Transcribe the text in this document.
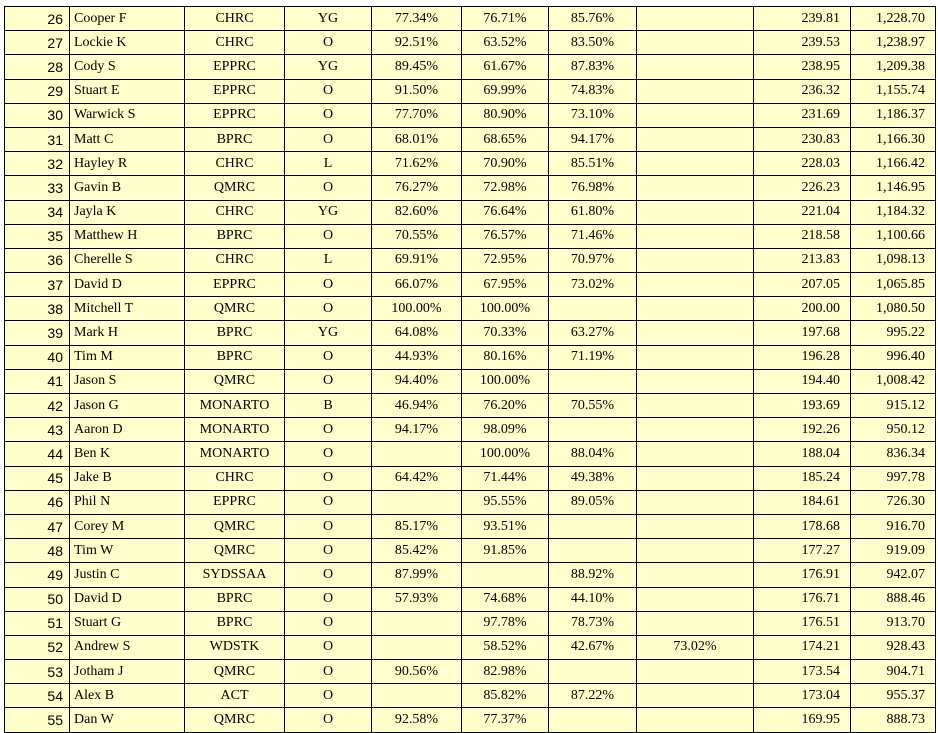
26	Cooper F	CHRC	YG	77.34%	76.71%	85.76%		239.81	1,228.70
27	Lockie K	CHRC	O	92.51%	63.52%	83.50%		239.53	1,238.97
28	Cody S	EPPRC	YG	89.45%	61.67%	87.83%		238.95	1,209.38
29	Stuart E	EPPRC	O	91.50%	69.99%	74.83%		236.32	1,155.74
30	Warwick S	EPPRC	O	77.70%	80.90%	73.10%		231.69	1,186.37
31	Matt C	BPRC	O	68.01%	68.65%	94.17%		230.83	1,166.30
32	Hayley R	CHRC	L	71.62%	70.90%	85.51%		228.03	1,166.42
33	Gavin B	QMRC	O	76.27%	72.98%	76.98%		226.23	1,146.95
34	Jayla K	CHRC	YG	82.60%	76.64%	61.80%		221.04	1,184.32
35	Matthew H	BPRC	O	70.55%	76.57%	71.46%		218.58	1,100.66
36	Cherelle S	CHRC	L	69.91%	72.95%	70.97%		213.83	1,098.13
37	David D	EPPRC	O	66.07%	67.95%	73.02%		207.05	1,065.85
38	Mitchell T	QMRC	O	100.00%	100.00%			200.00	1,080.50
39	Mark H	BPRC	YG	64.08%	70.33%	63.27%		197.68	995.22
40	Tim M	BPRC	O	44.93%	80.16%	71.19%		196.28	996.40
41	Jason S	QMRC	O	94.40%	100.00%			194.40	1,008.42
42	Jason G	MONARTO	B	46.94%	76.20%	70.55%		193.69	915.12
43	Aaron D	MONARTO	O	94.17%	98.09%			192.26	950.12
44	Ben K	MONARTO	O		100.00%	88.04%		188.04	836.34
45	Jake B	CHRC	O	64.42%	71.44%	49.38%		185.24	997.78
46	Phil N	EPPRC	O		95.55%	89.05%		184.61	726.30
47	Corey M	QMRC	O	85.17%	93.51%			178.68	916.70
48	Tim W	QMRC	O	85.42%	91.85%			177.27	919.09
49	Justin C	SYDSSAA	O	87.99%		88.92%		176.91	942.07
50	David D	BPRC	O	57.93%	74.68%	44.10%		176.71	888.46
51	Stuart G	BPRC	O		97.78%	78.73%		176.51	913.70
52	Andrew S	WDSTK	O		58.52%	42.67%	73.02%	174.21	928.43
53	Jotham J	QMRC	O	90.56%	82.98%			173.54	904.71
54	Alex B	ACT	O		85.82%	87.22%		173.04	955.37
55	Dan W	QMRC	O	92.58%	77.37%			169.95	888.73
